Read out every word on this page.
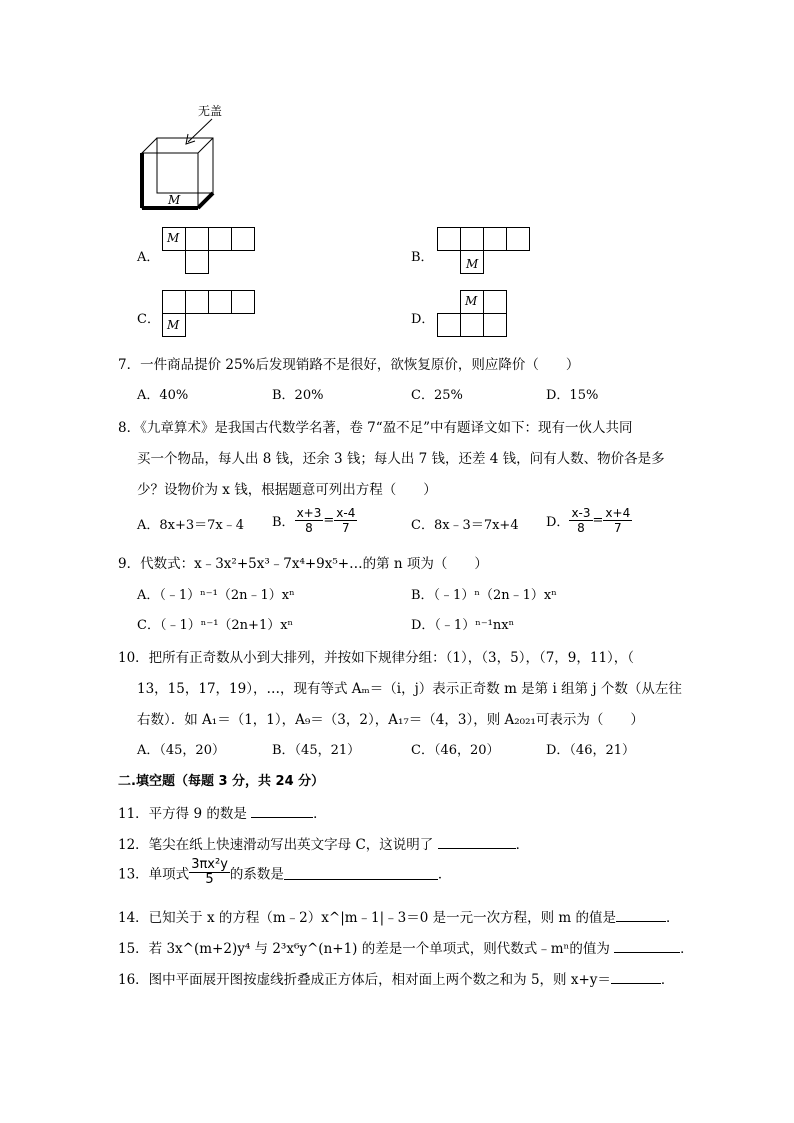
无盖
M
A．
M
B．	M
C． M	D．
M
7．一件商品提价 25%后发现销路不是很好，欲恢复原价，则应降价（　　）
A．40%	B．20%	C．25%	D．15%
8．《九章算术》是我国古代数学名著，卷 7“盈不足”中有题译文如下：现有一伙人共同
买一个物品，每人出 8 钱，还余 3 钱；每人出 7 钱，还差 4 钱，问有人数、物价各是多
少？设物价为 x 钱，根据题意可列出方程（　　）
A．8x+3＝7x﹣4 B． $\frac{x+3}{8} = \frac{x-4}{7}$	C．8x﹣3＝7x+4 D． $\frac{x-3}{8} = \frac{x+4}{7}$
9．代数式：x﹣3x²+5x³﹣7x⁴+9x⁵+…的第 n 项为（　　）
A．（﹣1）ⁿ⁻¹（2n﹣1）xⁿ	B．（﹣1）ⁿ（2n﹣1）xⁿ
C．（﹣1）ⁿ⁻¹（2n+1）xⁿ	D．（﹣1）ⁿ⁻¹nxⁿ
10．把所有正奇数从小到大排列，并按如下规律分组：（1），（3，5），（7，9，11），（
13，15，17，19），…，现有等式 Aₘ＝（i，j）表示正奇数 m 是第 i 组第 j 个数（从左往
右数）．如 A₁＝（1，1），A₉＝（3，2），A₁₇＝（4，3），则 A₂₀₂₁可表示为（　　）
A．（45，20）	B．（45，21）	C．（46，20）	D．（46，21）
二.填空题（每题 3 分，共 24 分）
11．平方得 9 的数是	．
12．笔尖在纸上快速滑动写出英文字母 C，这说明了	．
13．单项式 $\frac{\text{3πx²y}}{5}$ 的系数是	．
14．已知关于 x 的方程（m﹣2）x^|m﹣1|﹣3＝0 是一元一次方程，则 m 的值是	．
15．若 3x^(m+2)y⁴ 与 2³x⁶y^(n+1) 的差是一个单项式，则代数式﹣mⁿ的值为	．
16．图中平面展开图按虚线折叠成正方体后，相对面上两个数之和为 5，则 x+y＝	．
